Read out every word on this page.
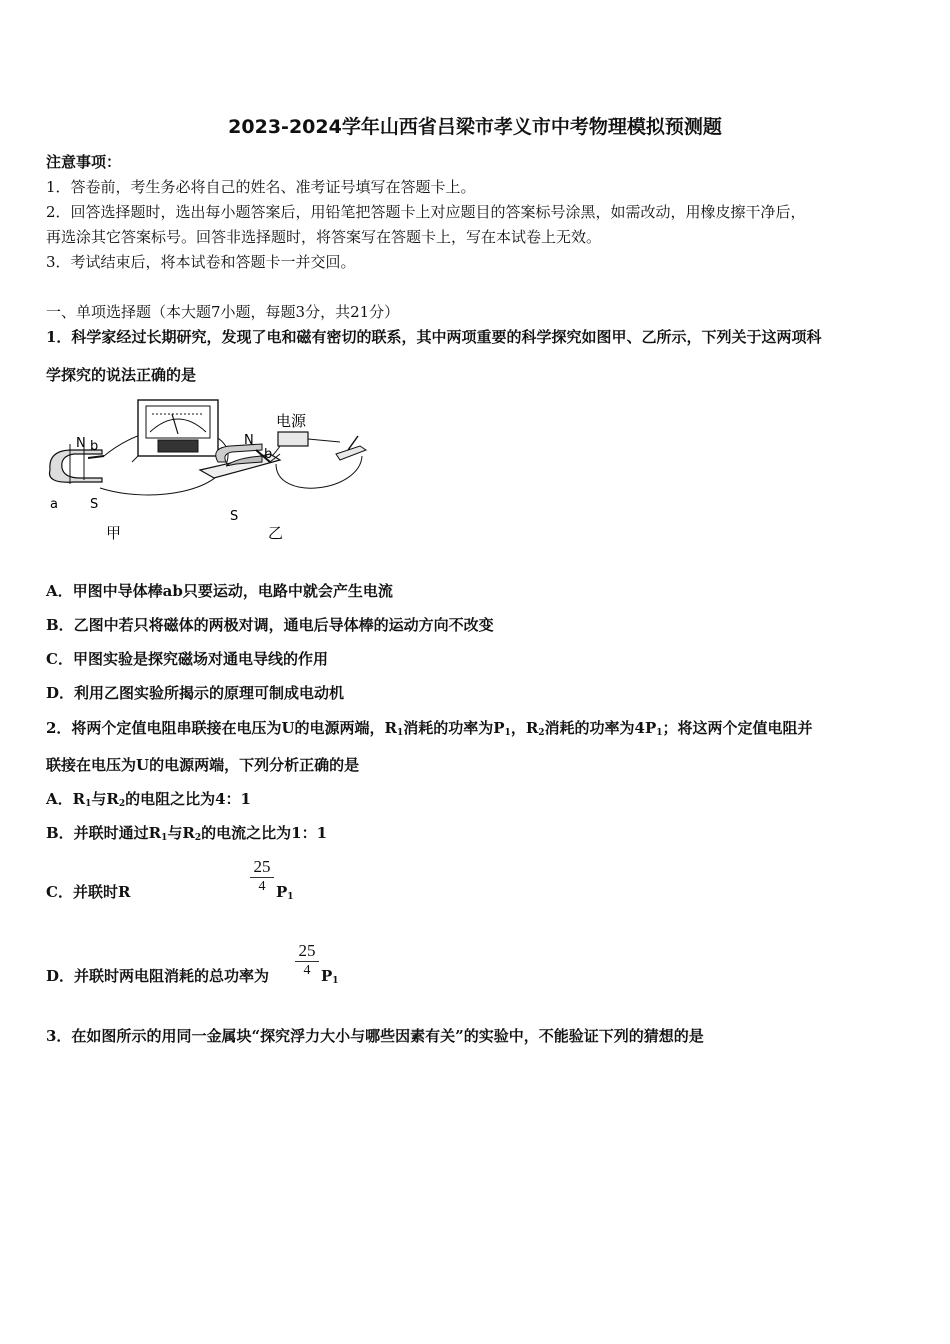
2023-2024学年山西省吕梁市孝义市中考物理模拟预测题
注意事项：
1．答卷前，考生务必将自己的姓名、准考证号填写在答题卡上。
2．回答选择题时，选出每小题答案后，用铅笔把答题卡上对应题目的答案标号涂黑，如需改动，用橡皮擦干净后，
再选涂其它答案标号。回答非选择题时，将答案写在答题卡上，写在本试卷上无效。
3．考试结束后，将本试卷和答题卡一并交回。
一、单项选择题（本大题7小题，每题3分，共21分）
1．科学家经过长期研究，发现了电和磁有密切的联系，其中两项重要的科学探究如图甲、乙所示，下列关于这两项科
学探究的说法正确的是
N b
a S
甲
N
b
电源
S
乙
A．甲图中导体棒ab只要运动，电路中就会产生电流
B．乙图中若只将磁体的两极对调，通电后导体棒的运动方向不改变
C．甲图实验是探究磁场对通电导线的作用
D．利用乙图实验所揭示的原理可制成电动机
2．将两个定值电阻串联接在电压为U的电源两端，$R_1$消耗的功率为$P_1$，$R_2$消耗的功率为$4P_1$；将这两个定值电阻并
联接在电压为U的电源两端，下列分析正确的是
A．$R_1$与$R_2$的电阻之比为4：1
B．并联时通过$R_1$与$R_2$的电流之比为1：1
C．并联时R
25
4 $P_1$
D．并联时两电阻消耗的总功率为
25
4 $P_1$
3．在如图所示的用同一金属块“探究浮力大小与哪些因素有关”的实验中，不能验证下列的猜想的是
